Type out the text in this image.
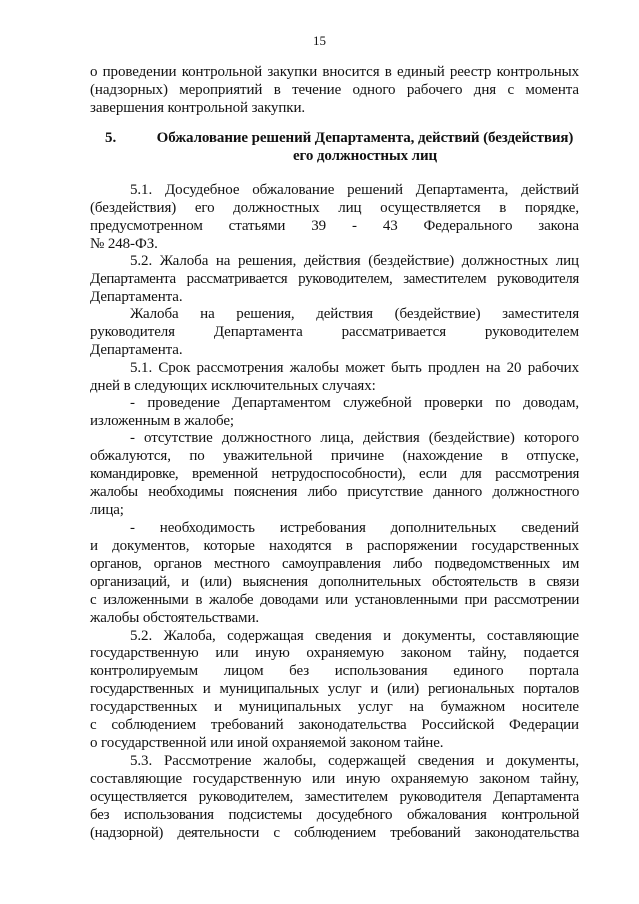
15
о проведении контрольной закупки вносится в единый реестр контрольных
(надзорных) мероприятий в течение одного рабочего дня с момента
завершения контрольной закупки.
5.	Обжалование решений Департамента, действий (бездействия)
его должностных лиц
5.1. Досудебное обжалование решений Департамента, действий
(бездействия) его должностных лиц осуществляется в порядке,
предусмотренном статьями 39 - 43 Федерального закона
№ 248-ФЗ.
5.2. Жалоба на решения, действия (бездействие) должностных лиц
Департамента рассматривается руководителем, заместителем руководителя
Департамента.
Жалоба на решения, действия (бездействие) заместителя
руководителя Департамента рассматривается руководителем
Департамента.
5.1. Срок рассмотрения жалобы может быть продлен на 20 рабочих
дней в следующих исключительных случаях:
- проведение Департаментом служебной проверки по доводам,
изложенным в жалобе;
- отсутствие должностного лица, действия (бездействие) которого
обжалуются, по уважительной причине (нахождение в отпуске,
командировке, временной нетрудоспособности), если для рассмотрения
жалобы необходимы пояснения либо присутствие данного должностного
лица;
- необходимость истребования дополнительных сведений
и документов, которые находятся в распоряжении государственных
органов, органов местного самоуправления либо подведомственных им
организаций, и (или) выяснения дополнительных обстоятельств в связи
с изложенными в жалобе доводами или установленными при рассмотрении
жалобы обстоятельствами.
5.2. Жалоба, содержащая сведения и документы, составляющие
государственную или иную охраняемую законом тайну, подается
контролируемым лицом без использования единого портала
государственных и муниципальных услуг и (или) региональных порталов
государственных и муниципальных услуг на бумажном носителе
с соблюдением требований законодательства Российской Федерации
о государственной или иной охраняемой законом тайне.
5.3. Рассмотрение жалобы, содержащей сведения и документы,
составляющие государственную или иную охраняемую законом тайну,
осуществляется руководителем, заместителем руководителя Департамента
без использования подсистемы досудебного обжалования контрольной
(надзорной) деятельности с соблюдением требований законодательства
